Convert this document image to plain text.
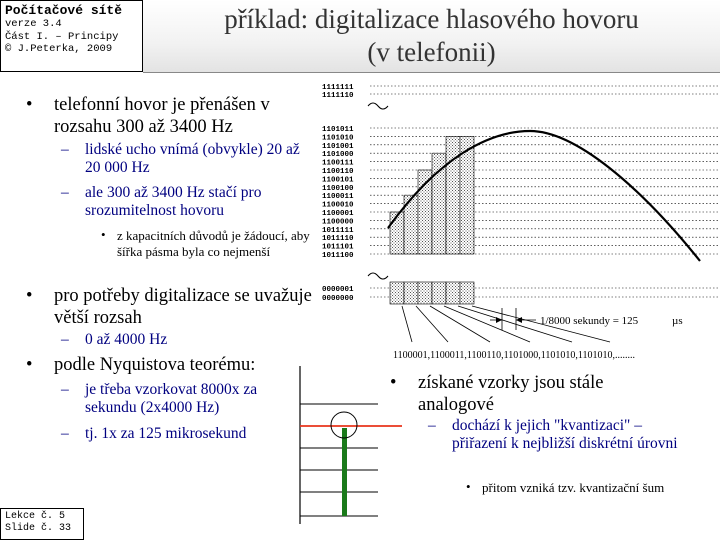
Počítačové sítě
verze 3.4
Část I. – Principy
© J.Peterka, 2009
příklad: digitalizace hlasového hovoru
(v telefonii)
• telefonní hovor je přenášen v rozsahu 300 až 3400 Hz
– lidské ucho vnímá (obvykle) 20 až 20 000 Hz
– ale 300 až 3400 Hz stačí pro srozumitelnost hovoru
• z kapacitních důvodů je žádoucí, aby šířka pásma byla co nejmenší
• pro potřeby digitalizace se uvažuje větší rozsah
– 0 až 4000 Hz
• podle Nyquistova teorému:
– je třeba vzorkovat 8000x za sekundu (2x4000 Hz)
– tj. 1x za 125 mikrosekund
• získané vzorky jsou stále analogové
– dochází k jejich "kvantizaci" – přiřazení k nejbližší diskrétní úrovni
• přitom vzniká tzv. kvantizační šum
1111111
1111110
1101011
1101010
1101001
1101000
1100111
1100110
1100101
1100100
1100011
1100010
1100001
1100000
1011111
1011110
1011101
1011100
0000001
0000000
1/8000 sekundy = 125	µs
1100001,1100011,1100110,1101000,1101010,1101010,........
Lekce č. 5
Slide č. 33
